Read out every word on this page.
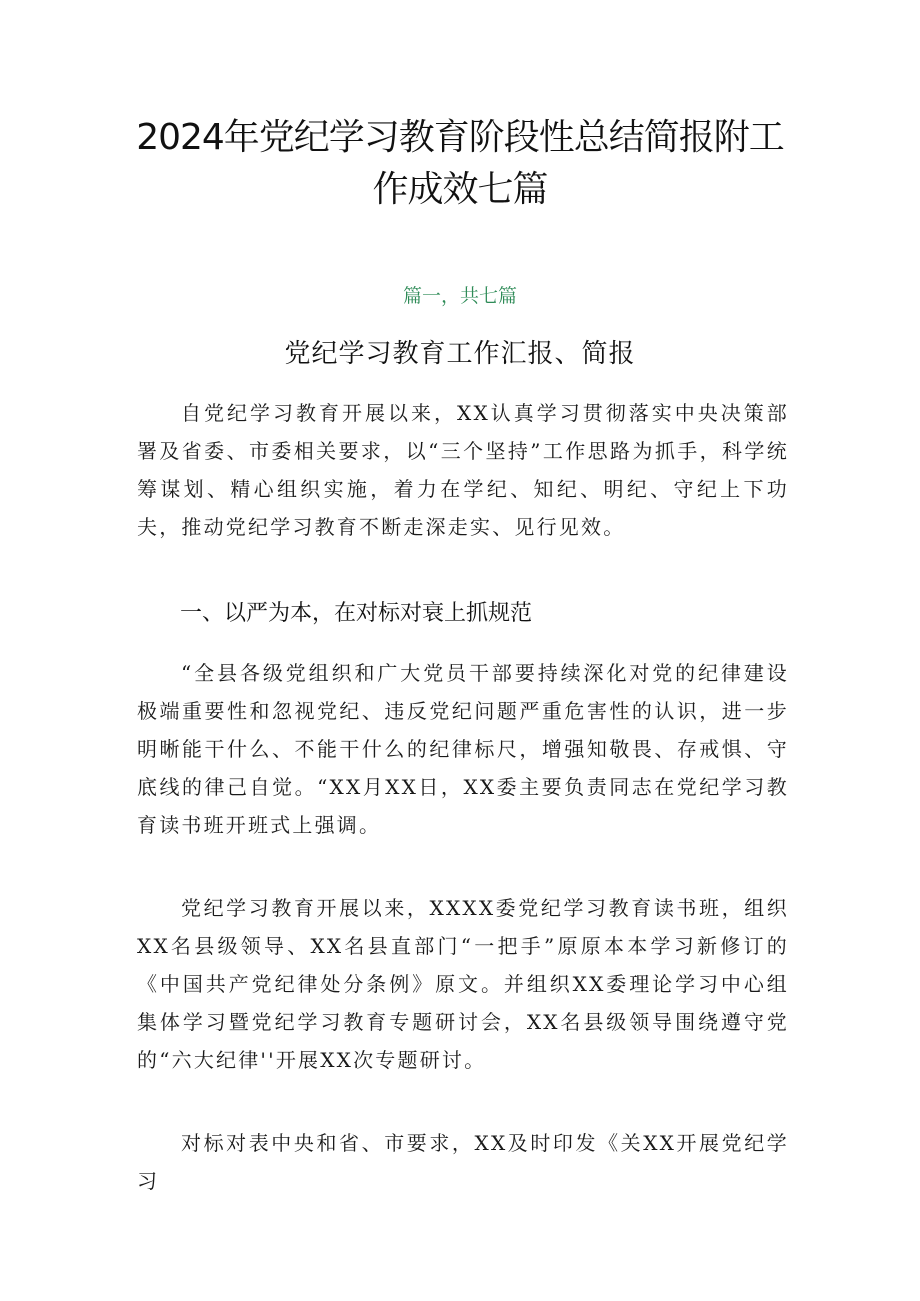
2024年党纪学习教育阶段性总结简报附工
作成效七篇
篇一，共七篇
党纪学习教育工作汇报、简报

自党纪学习教育开展以来，XX认真学习贯彻落实中央决策部署及省委、市委相关要求，以“三个坚持”工作思路为抓手，科学统筹谋划、精心组织实施，着力在学纪、知纪、明纪、守纪上下功夫，推动党纪学习教育不断走深走实、见行见效。

一、以严为本，在对标对衰上抓规范

“全县各级党组织和广大党员干部要持续深化对党的纪律建设极端重要性和忽视党纪、违反党纪问题严重危害性的认识，进一步明晰能干什么、不能干什么的纪律标尺，增强知敬畏、存戒惧、守底线的律己自觉。“XX月XX日，XX委主要负责同志在党纪学习教育读书班开班式上强调。

党纪学习教育开展以来，XXXX委党纪学习教育读书班，组织XX名县级领导、XX名县直部门“一把手”原原本本学习新修订的《中国共产党纪律处分条例》原文。并组织XX委理论学习中心组集体学习暨党纪学习教育专题研讨会，XX名县级领导围绕遵守党的“六大纪律''开展XX次专题研讨。

对标对表中央和省、市要求，XX及时印发《关XX开展党纪学习
